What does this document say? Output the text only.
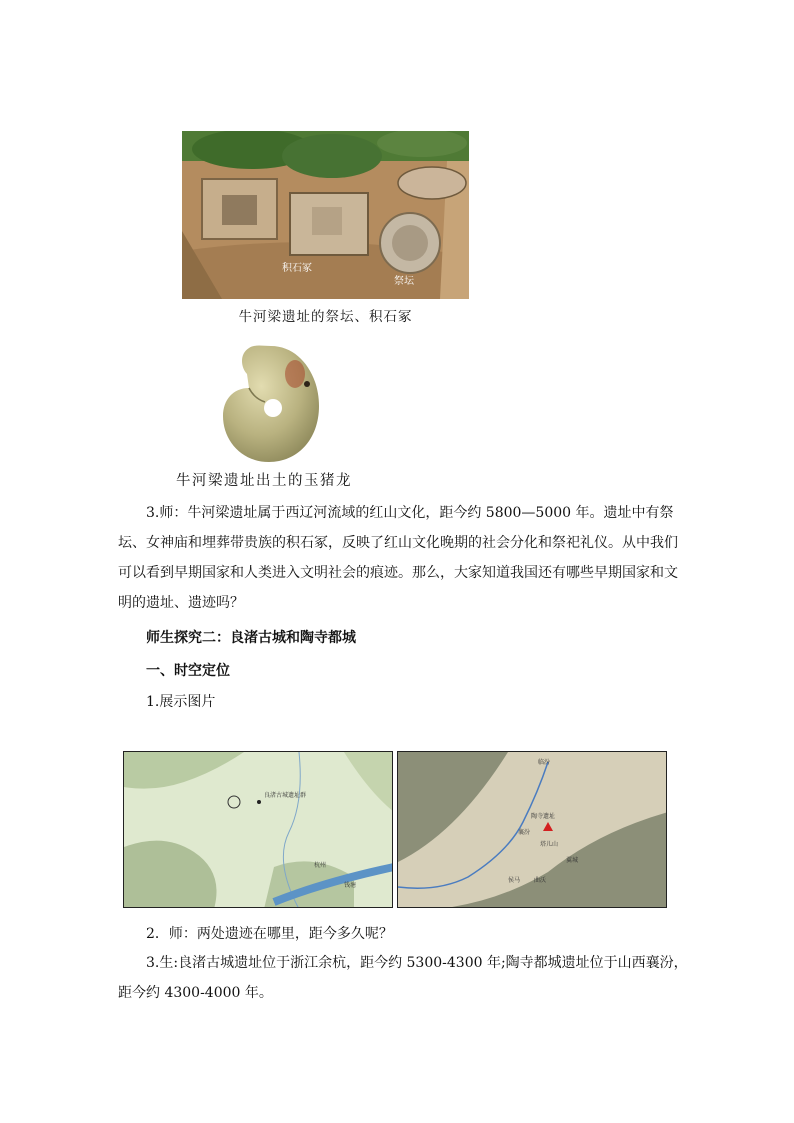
积石冢
祭坛
牛河梁遗址的祭坛、积石冢
牛河梁遗址出土的玉猪龙
3.师：牛河梁遗址属于西辽河流域的红山文化，距今约 5800—5000 年。遗址中有祭坛、女神庙和埋葬带贵族的积石冢，反映了红山文化晚期的社会分化和祭祀礼仪。从中我们可以看到早期国家和人类进入文明社会的痕迹。那么，大家知道我国还有哪些早期国家和文明的遗址、遗迹吗？
师生探究二：良渚古城和陶寺都城
一、时空定位
1.展示图片
良渚古城遗址群
杭州
钱塘
临汾
陶寺遗址
襄汾
塔儿山
翼城
侯马 曲沃
2．师：两处遗迹在哪里，距今多久呢？
3.生:良渚古城遗址位于浙江余杭，距今约 5300-4300 年;陶寺都城遗址位于山西襄汾，距今约 4300-4000 年。
